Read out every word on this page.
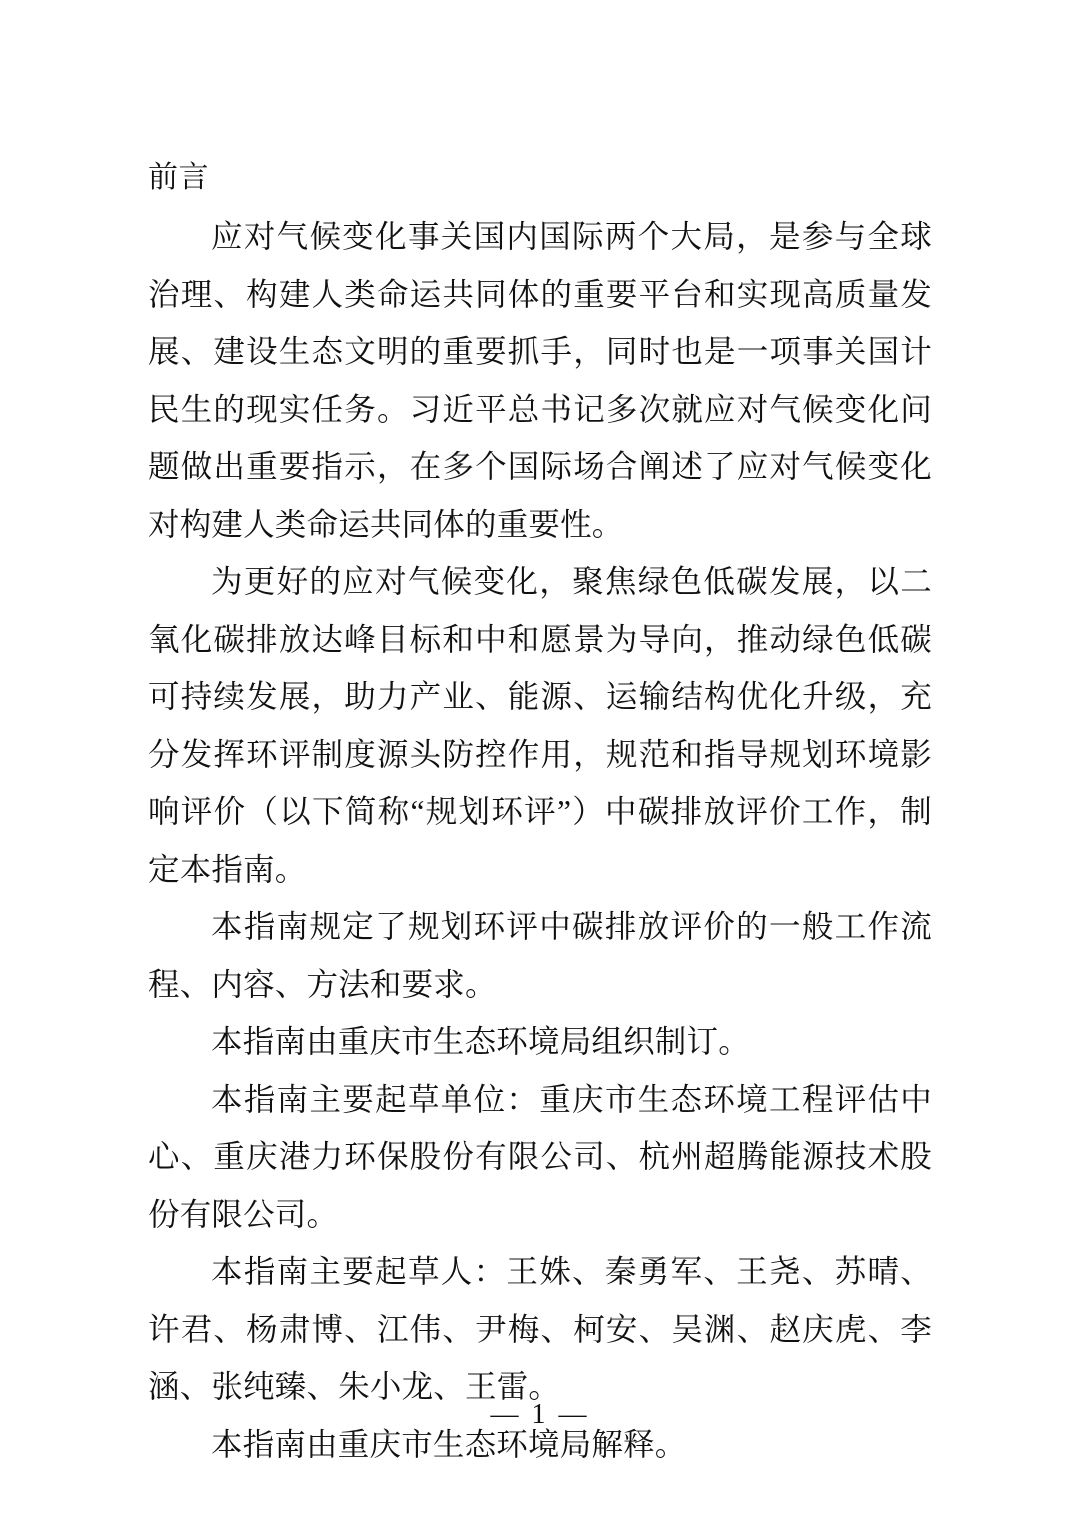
前言

应对气候变化事关国内国际两个大局，是参与全球治理、构建人类命运共同体的重要平台和实现高质量发展、建设生态文明的重要抓手，同时也是一项事关国计民生的现实任务。习近平总书记多次就应对气候变化问题做出重要指示，在多个国际场合阐述了应对气候变化对构建人类命运共同体的重要性。

为更好的应对气候变化，聚焦绿色低碳发展，以二氧化碳排放达峰目标和中和愿景为导向，推动绿色低碳可持续发展，助力产业、能源、运输结构优化升级，充分发挥环评制度源头防控作用，规范和指导规划环境影响评价（以下简称“规划环评”）中碳排放评价工作，制定本指南。

本指南规定了规划环评中碳排放评价的一般工作流程、内容、方法和要求。

本指南由重庆市生态环境局组织制订。

本指南主要起草单位：重庆市生态环境工程评估中心、重庆港力环保股份有限公司、杭州超腾能源技术股份有限公司。

本指南主要起草人：王姝、秦勇军、王尧、苏晴、许君、杨肃博、江伟、尹梅、柯安、吴渊、赵庆虎、李涵、张纯臻、朱小龙、王雷。

本指南由重庆市生态环境局解释。

— 1 —
